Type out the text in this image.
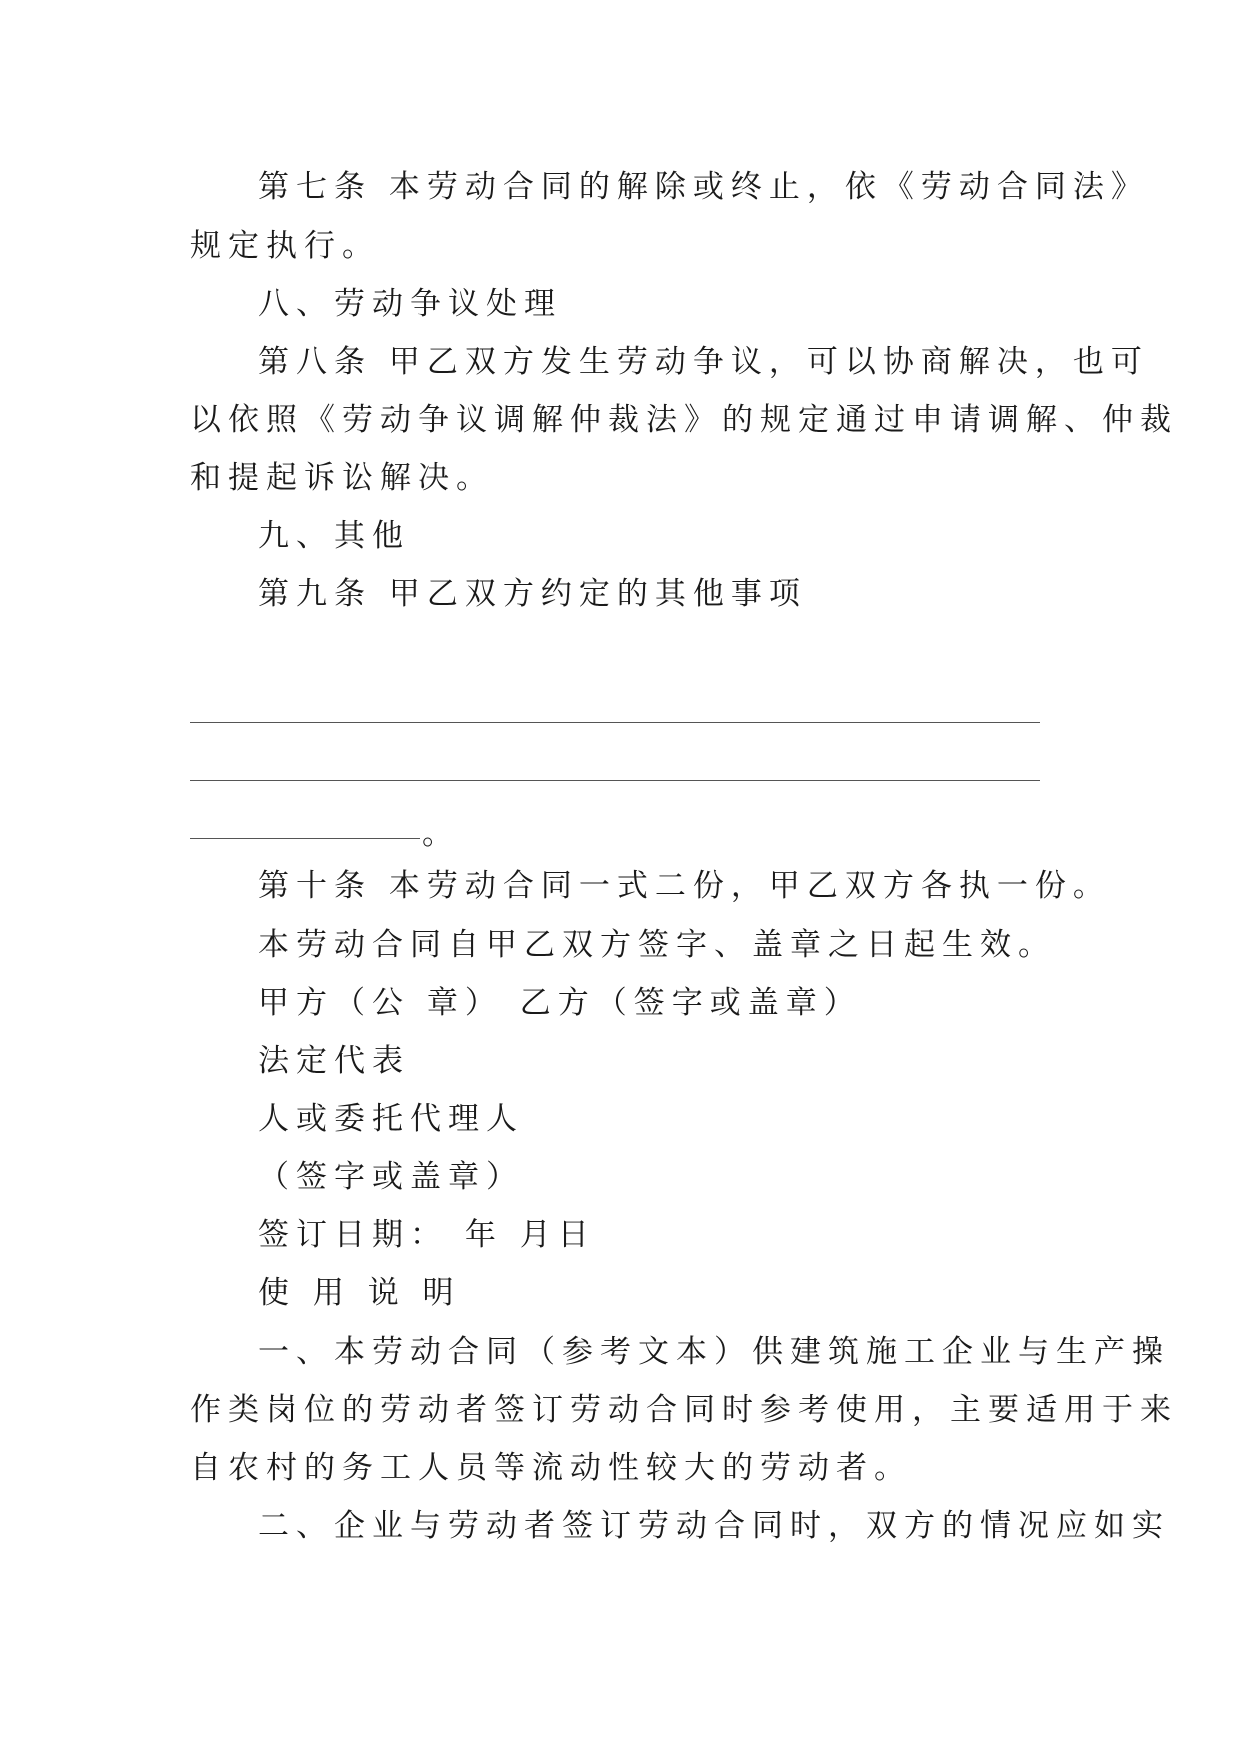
第七条 本劳动合同的解除或终止，依《劳动合同法》

规定执行。

八、劳动争议处理

第八条 甲乙双方发生劳动争议，可以协商解决，也可

以依照《劳动争议调解仲裁法》的规定通过申请调解、仲裁

和提起诉讼解决。

九、其他

第九条 甲乙双方约定的其他事项

。

第十条 本劳动合同一式二份，甲乙双方各执一份。

本劳动合同自甲乙双方签字、盖章之日起生效。

甲方（公 章） 乙方（签字或盖章）

法定代表

人或委托代理人

（签字或盖章）

签订日期： 年 月日

使 用 说 明

一、本劳动合同（参考文本）供建筑施工企业与生产操

作类岗位的劳动者签订劳动合同时参考使用，主要适用于来

自农村的务工人员等流动性较大的劳动者。

二、企业与劳动者签订劳动合同时，双方的情况应如实
